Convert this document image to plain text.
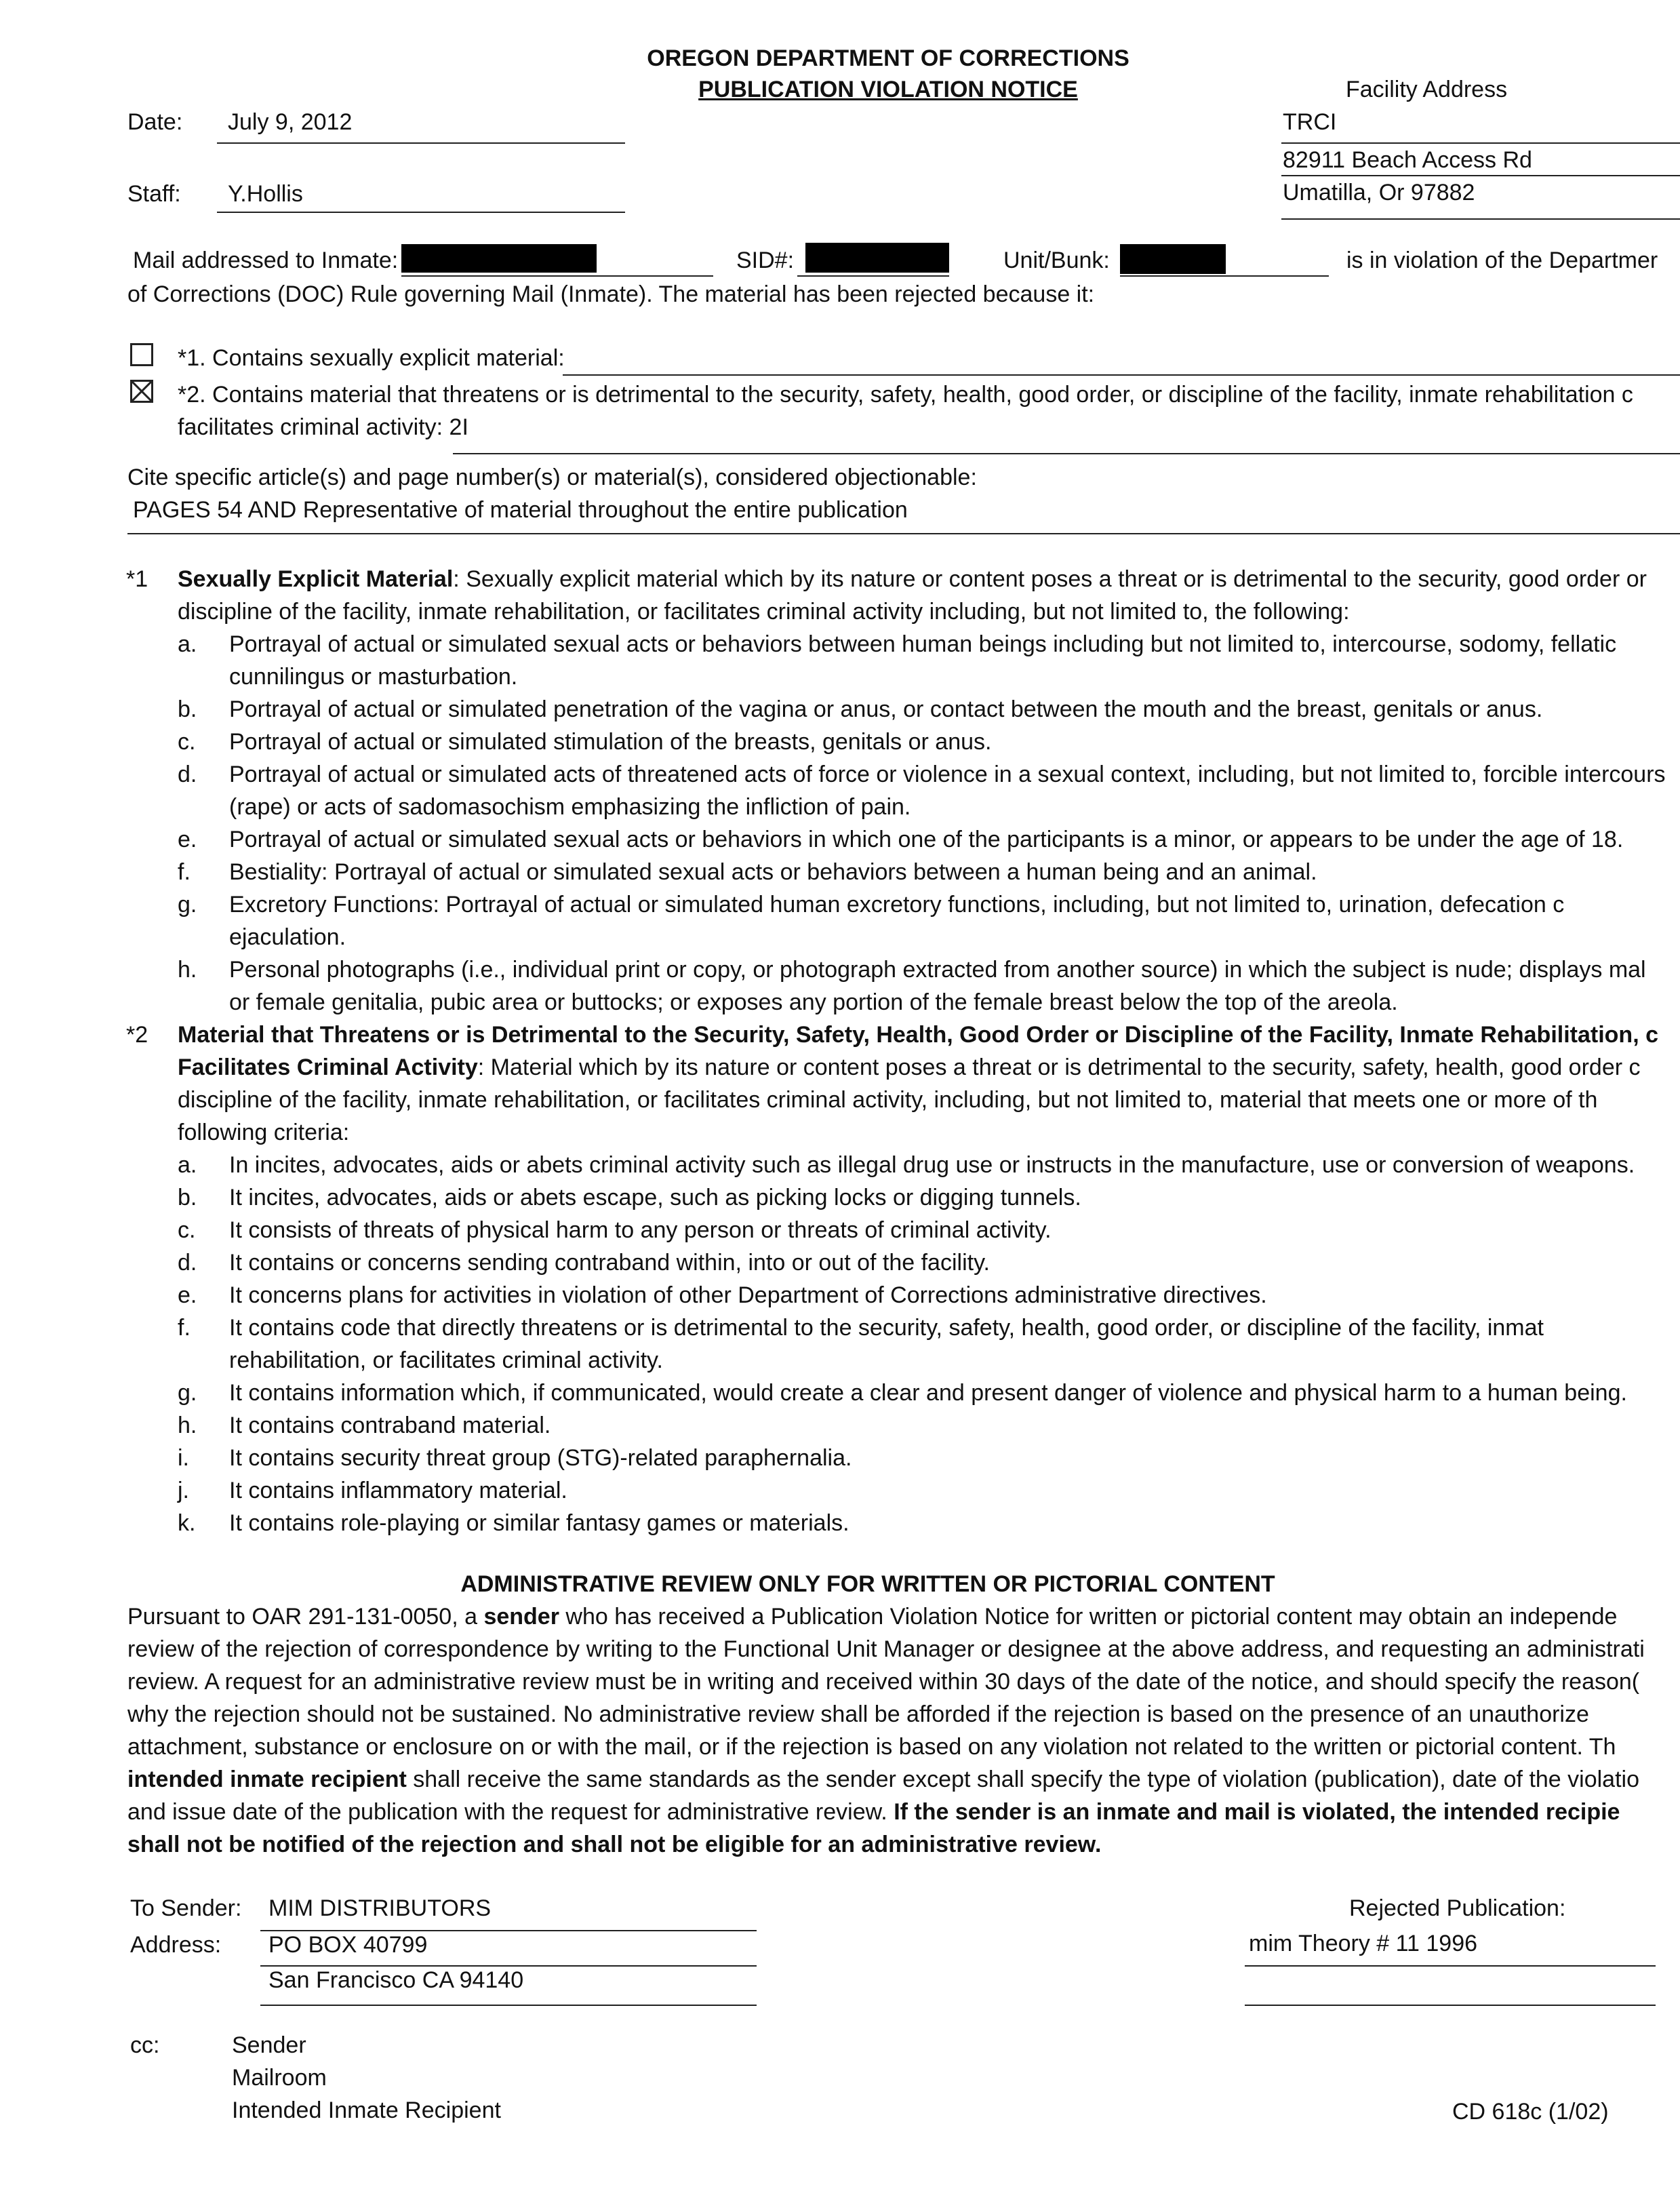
OREGON DEPARTMENT OF CORRECTIONS
PUBLICATION VIOLATION NOTICE	Facility Address
TRCI
82911 Beach Access Rd
Umatilla, Or 97882
Date: July 9, 2012
Staff: Y.Hollis
Mail addressed to Inmate:	SID#:	Unit/Bunk:	is in violation of the Departmer
of Corrections (DOC) Rule governing Mail (Inmate). The material has been rejected because it:
*1. Contains sexually explicit material:
*2. Contains material that threatens or is detrimental to the security, safety, health, good order, or discipline of the facility, inmate rehabilitation c
facilitates criminal activity: 2I
Cite specific article(s) and page number(s) or material(s), considered objectionable:
PAGES 54 AND Representative of material throughout the entire publication
*1 Sexually Explicit Material: Sexually explicit material which by its nature or content poses a threat or is detrimental to the security, good order or
discipline of the facility, inmate rehabilitation, or facilitates criminal activity including, but not limited to, the following:
a. Portrayal of actual or simulated sexual acts or behaviors between human beings including but not limited to, intercourse, sodomy, fellatic
cunnilingus or masturbation.
b. Portrayal of actual or simulated penetration of the vagina or anus, or contact between the mouth and the breast, genitals or anus.
c. Portrayal of actual or simulated stimulation of the breasts, genitals or anus.
d. Portrayal of actual or simulated acts of threatened acts of force or violence in a sexual context, including, but not limited to, forcible intercours
(rape) or acts of sadomasochism emphasizing the infliction of pain.
e. Portrayal of actual or simulated sexual acts or behaviors in which one of the participants is a minor, or appears to be under the age of 18.
f. Bestiality: Portrayal of actual or simulated sexual acts or behaviors between a human being and an animal.
g. Excretory Functions: Portrayal of actual or simulated human excretory functions, including, but not limited to, urination, defecation c
ejaculation.
h. Personal photographs (i.e., individual print or copy, or photograph extracted from another source) in which the subject is nude; displays mal
or female genitalia, pubic area or buttocks; or exposes any portion of the female breast below the top of the areola.
*2 Material that Threatens or is Detrimental to the Security, Safety, Health, Good Order or Discipline of the Facility, Inmate Rehabilitation, c
Facilitates Criminal Activity: Material which by its nature or content poses a threat or is detrimental to the security, safety, health, good order c
discipline of the facility, inmate rehabilitation, or facilitates criminal activity, including, but not limited to, material that meets one or more of th
following criteria:
a. In incites, advocates, aids or abets criminal activity such as illegal drug use or instructs in the manufacture, use or conversion of weapons.
b. It incites, advocates, aids or abets escape, such as picking locks or digging tunnels.
c. It consists of threats of physical harm to any person or threats of criminal activity.
d. It contains or concerns sending contraband within, into or out of the facility.
e. It concerns plans for activities in violation of other Department of Corrections administrative directives.
f. It contains code that directly threatens or is detrimental to the security, safety, health, good order, or discipline of the facility, inmat
rehabilitation, or facilitates criminal activity.
g. It contains information which, if communicated, would create a clear and present danger of violence and physical harm to a human being.
h. It contains contraband material.
i. It contains security threat group (STG)-related paraphernalia.
j. It contains inflammatory material.
k. It contains role-playing or similar fantasy games or materials.
ADMINISTRATIVE REVIEW ONLY FOR WRITTEN OR PICTORIAL CONTENT
Pursuant to OAR 291-131-0050, a sender who has received a Publication Violation Notice for written or pictorial content may obtain an independe
review of the rejection of correspondence by writing to the Functional Unit Manager or designee at the above address, and requesting an administrati
review. A request for an administrative review must be in writing and received within 30 days of the date of the notice, and should specify the reason(
why the rejection should not be sustained. No administrative review shall be afforded if the rejection is based on the presence of an unauthorize
attachment, substance or enclosure on or with the mail, or if the rejection is based on any violation not related to the written or pictorial content. Th
intended inmate recipient shall receive the same standards as the sender except shall specify the type of violation (publication), date of the violatio
and issue date of the publication with the request for administrative review. If the sender is an inmate and mail is violated, the intended recipie
shall not be notified of the rejection and shall not be eligible for an administrative review.
To Sender: MIM DISTRIBUTORS
Address: PO BOX 40799
San Francisco CA 94140
Rejected Publication:
mim Theory # 11 1996
cc:	Sender
Mailroom
Intended Inmate Recipient	CD 618c (1/02)
